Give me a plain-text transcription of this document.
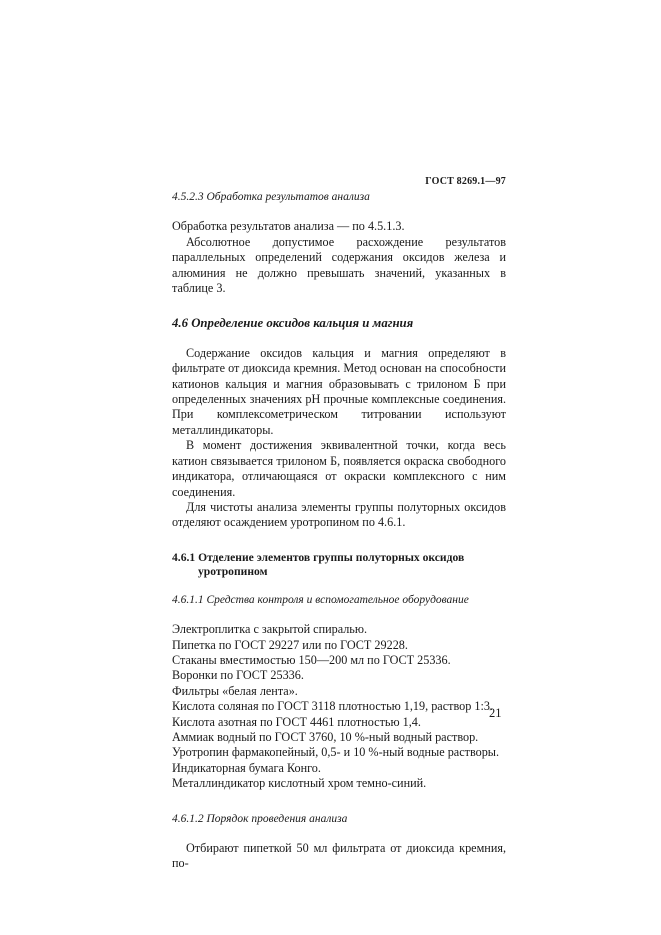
ГОСТ 8269.1—97

4.5.2.3 Обработка результатов анализа

Обработка результатов анализа — по 4.5.1.3.

Абсолютное допустимое расхождение результатов параллельных определений содержания оксидов железа и алюминия не должно превышать значений, указанных в таблице 3.

4.6 Определение оксидов кальция и магния

Содержание оксидов кальция и магния определяют в фильтрате от диоксида кремния. Метод основан на способности катионов кальция и магния образовывать с трилоном Б при определенных значениях pH прочные комплексные соединения. При комплексометрическом титровании используют металлиндикаторы.

В момент достижения эквивалентной точки, когда весь катион связывается трилоном Б, появляется окраска свободного индикатора, отличающаяся от окраски комплексного с ним соединения.

Для чистоты анализа элементы группы полуторных оксидов отделяют осаждением уротропином по 4.6.1.

4.6.1 Отделение элементов группы полуторных оксидов
уротропином

4.6.1.1 Средства контроля и вспомогательное оборудование

Электроплитка с закрытой спиралью.
Пипетка по ГОСТ 29227 или по ГОСТ 29228.
Стаканы вместимостью 150—200 мл по ГОСТ 25336.
Воронки по ГОСТ 25336.
Фильтры «белая лента».
Кислота соляная по ГОСТ 3118 плотностью 1,19, раствор 1:3.
Кислота азотная по ГОСТ 4461 плотностью 1,4.
Аммиак водный по ГОСТ 3760, 10 %-ный водный раствор.
Уротропин фармакопейный, 0,5- и 10 %-ный водные растворы.
Индикаторная бумага Конго.
Металлиндикатор кислотный хром темно-синий.

4.6.1.2 Порядок проведения анализа

Отбирают пипеткой 50 мл фильтрата от диоксида кремния, по-

21
